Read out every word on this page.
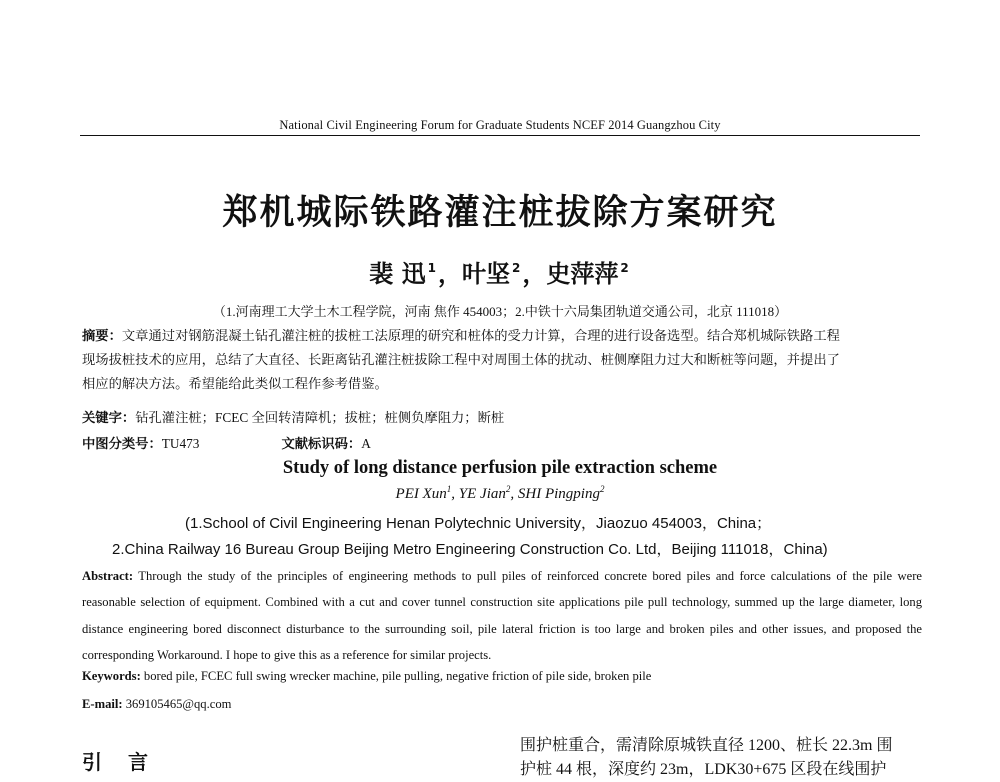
National Civil Engineering Forum for Graduate Students NCEF 2014 Guangzhou City
郑机城际铁路灌注桩拔除方案研究
裴 迅 $^1$，叶坚 $^2$，史萍萍 $^2$
（1.河南理工大学土木工程学院，河南 焦作 454003；2.中铁十六局集团轨道交通公司，北京 111018）
摘要：文章通过对钢筋混凝土钻孔灌注桩的拔桩工法原理的研究和桩体的受力计算，合理的进行设备选型。结合郑机城际铁路工程
现场拔桩技术的应用，总结了大直径、长距离钻孔灌注桩拔除工程中对周围土体的扰动、桩侧摩阻力过大和断桩等问题，并提出了
相应的解决方法。希望能给此类似工程作参考借鉴。
关键字：钻孔灌注桩；FCEC 全回转清障机；拔桩；桩侧负摩阻力；断桩
中图分类号：TU473	文献标识码：A
Study of long distance perfusion pile extraction scheme
PEI Xun$^1$, YE Jian$^2$, SHI Pingping$^2$
(1.School of Civil Engineering Henan Polytechnic University，Jiaozuo 454003，China；
2.China Railway 16 Bureau Group Beijing Metro Engineering Construction Co. Ltd，Beijing 111018，China)
Abstract: Through the study of the principles of engineering methods to pull piles of reinforced concrete bored piles and force calculations of the pile were reasonable selection of equipment. Combined with a cut and cover tunnel construction site applications pile pull technology, summed up the large diameter, long distance engineering bored disconnect disturbance to the surrounding soil, pile lateral friction is too large and broken piles and other issues, and proposed the corresponding Workaround. I hope to give this as a reference for similar projects.
Keywords: bored pile, FCEC full swing wrecker machine, pile pulling, negative friction of pile side, broken pile
E-mail: 369105465@qq.com
引 言
围护桩重合，需清除原城铁直径 1200、桩长 22.3m 围
护桩 44 根，深度约 23m，LDK30+675 区段在线围护
